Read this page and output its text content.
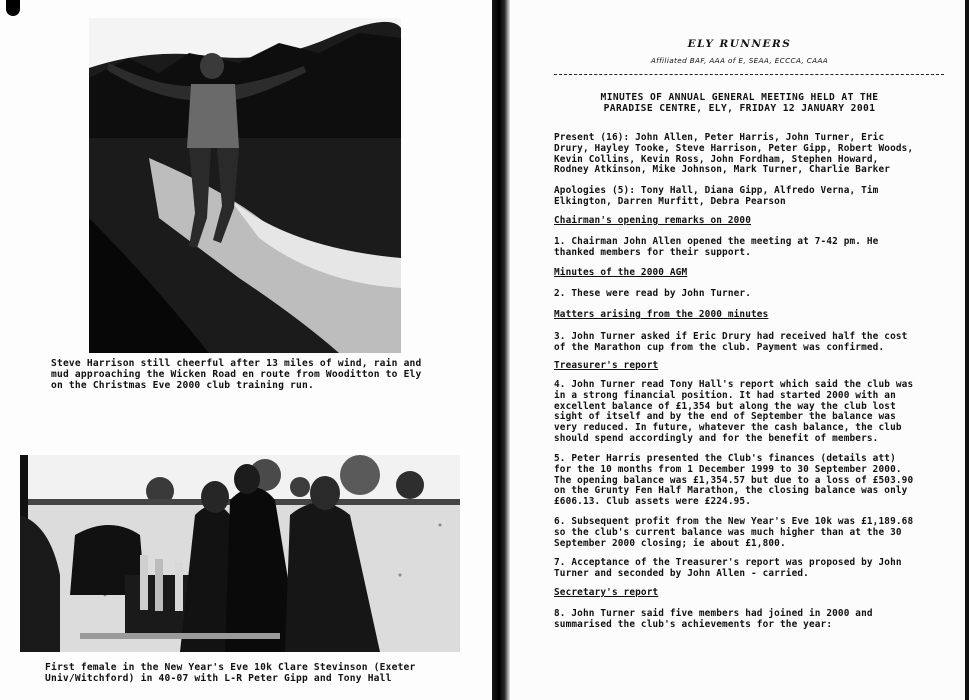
Steve Harrison still cheerful after 13 miles of wind, rain and
mud approaching the Wicken Road en route from Wooditton to Ely
on the Christmas Eve 2000 club training run.
First female in the New Year's Eve 10k Clare Stevinson (Exeter
Univ/Witchford) in 40-07 with L-R Peter Gipp and Tony Hall
ELY RUNNERS
Affiliated BAF, AAA of E, SEAA, ECCCA, CAAA
MINUTES OF ANNUAL GENERAL MEETING HELD AT THE
PARADISE CENTRE, ELY, FRIDAY 12 JANUARY 2001
Present (16): John Allen, Peter Harris, John Turner, Eric
Drury, Hayley Tooke, Steve Harrison, Peter Gipp, Robert Woods,
Kevin Collins, Kevin Ross, John Fordham, Stephen Howard,
Rodney Atkinson, Mike Johnson, Mark Turner, Charlie Barker
Apologies (5): Tony Hall, Diana Gipp, Alfredo Verna, Tim
Elkington, Darren Murfitt, Debra Pearson
Chairman's opening remarks on 2000
1. Chairman John Allen opened the meeting at 7-42 pm. He
thanked members for their support.
Minutes of the 2000 AGM
2. These were read by John Turner.
Matters arising from the 2000 minutes
3. John Turner asked if Eric Drury had received half the cost
of the Marathon cup from the club. Payment was confirmed.
Treasurer's report
4. John Turner read Tony Hall's report which said the club was
in a strong financial position. It had started 2000 with an
excellent balance of £1,354 but along the way the club lost
sight of itself and by the end of September the balance was
very reduced. In future, whatever the cash balance, the club
should spend accordingly and for the benefit of members.
5. Peter Harris presented the Club's finances (details att)
for the 10 months from 1 December 1999 to 30 September 2000.
The opening balance was £1,354.57 but due to a loss of £503.90
on the Grunty Fen Half Marathon, the closing balance was only
£606.13. Club assets were £224.95.
6. Subsequent profit from the New Year's Eve 10k was £1,189.68
so the club's current balance was much higher than at the 30
September 2000 closing; ie about £1,800.
7. Acceptance of the Treasurer's report was proposed by John
Turner and seconded by John Allen - carried.
Secretary's report
8. John Turner said five members had joined in 2000 and
summarised the club's achievements for the year:
